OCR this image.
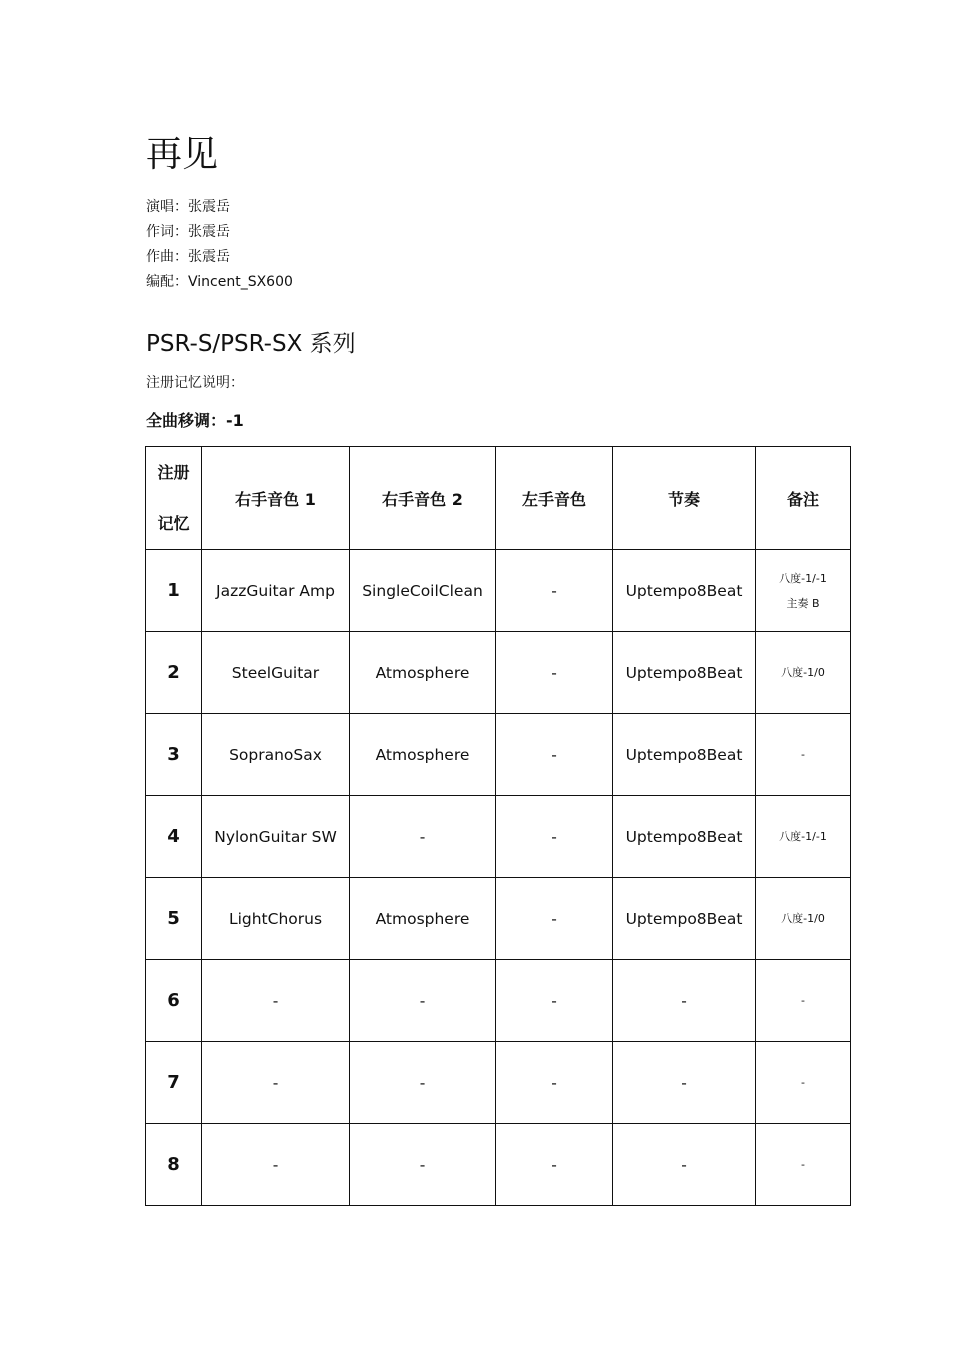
再见
演唱：张震岳
作词：张震岳
作曲：张震岳
编配：Vincent_SX600
PSR-S/PSR-SX 系列
注册记忆说明：
全曲移调：-1
注册
记忆	右手音色 1	右手音色 2	左手音色	节奏	备注
1	JazzGuitar Amp	SingleCoilClean	-	Uptempo8Beat	八度-1/-1
主奏 B

2	SteelGuitar	Atmosphere	-	Uptempo8Beat	八度-1/0
3	SopranoSax	Atmosphere	-	Uptempo8Beat	-
4	NylonGuitar SW	-	-	Uptempo8Beat	八度-1/-1
5	LightChorus	Atmosphere	-	Uptempo8Beat	八度-1/0
6	-	-	-	-	-
7	-	-	-	-	-
8	-	-	-	-	-
